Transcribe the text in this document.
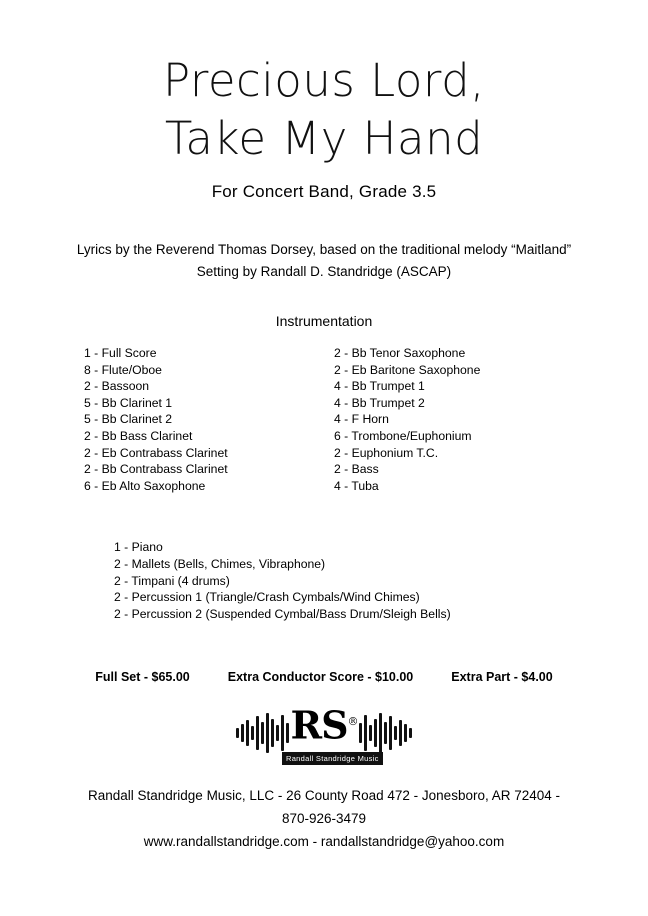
Precious Lord,
Take My Hand
For Concert Band, Grade 3.5
Lyrics by the Reverend Thomas Dorsey, based on the traditional melody “Maitland”
Setting by Randall D. Standridge (ASCAP)
Instrumentation
1 - Full Score
8 - Flute/Oboe
2 - Bassoon
5 - Bb Clarinet 1
5 - Bb Clarinet 2
2 - Bb Bass Clarinet
2 - Eb Contrabass Clarinet
2 - Bb Contrabass Clarinet
6 - Eb Alto Saxophone
2 - Bb Tenor Saxophone
2 - Eb Baritone Saxophone
4 - Bb Trumpet 1
4 - Bb Trumpet 2
4 - F Horn
6 - Trombone/Euphonium
2 - Euphonium T.C.
2 - Bass
4 - Tuba
1 - Piano
2 - Mallets (Bells, Chimes, Vibraphone)
2 - Timpani (4 drums)
2 - Percussion 1 (Triangle/Crash Cymbals/Wind Chimes)
2 - Percussion 2 (Suspended Cymbal/Bass Drum/Sleigh Bells)
Full Set - $65.00	Extra Conductor Score - $10.00	Extra Part - $4.00
RS®
Randall Standridge Music
Randall Standridge Music, LLC - 26 County Road 472 - Jonesboro, AR 72404 -
870-926-3479
www.randallstandridge.com - randallstandridge@yahoo.com
